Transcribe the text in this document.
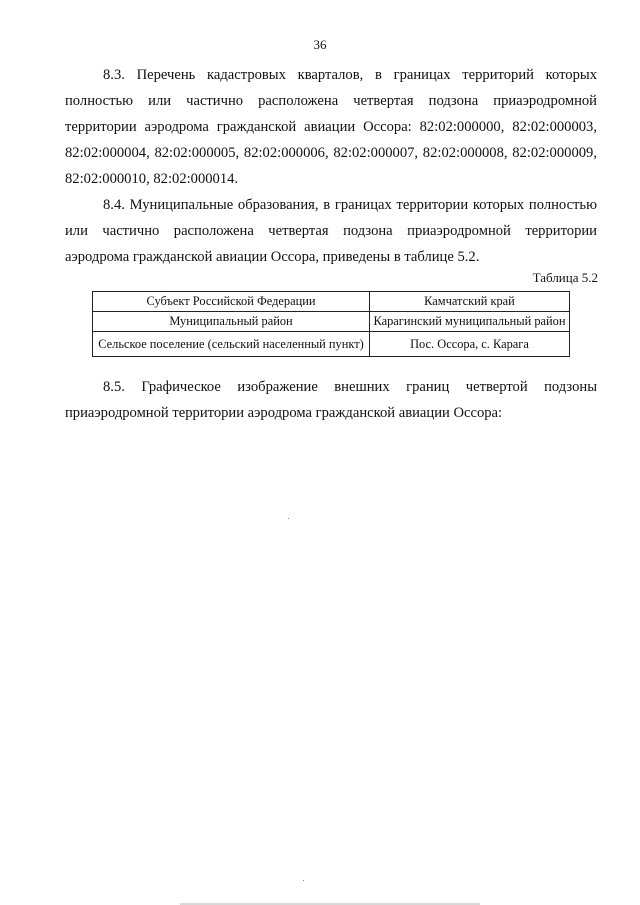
36

8.3. Перечень кадастровых кварталов, в границах территорий которых полностью или частично расположена четвертая подзона приаэродромной территории аэродрома гражданской авиации Оссора: 82:02:000000, 82:02:000003, 82:02:000004, 82:02:000005, 82:02:000006, 82:02:000007, 82:02:000008, 82:02:000009, 82:02:000010, 82:02:000014.

8.4. Муниципальные образования, в границах территории которых полностью или частично расположена четвертая подзона приаэродромной территории аэродрома гражданской авиации Оссора, приведены в таблице 5.2.

Таблица 5.2
Субъект Российской Федерации	Камчатский край
Муниципальный район	Карагинский муниципальный район
Сельское поселение (сельский населенный пункт)	Пос. Оссора, с. Карага

8.5. Графическое изображение внешних границ четвертой подзоны приаэродромной территории аэродрома гражданской авиации Оссора:
